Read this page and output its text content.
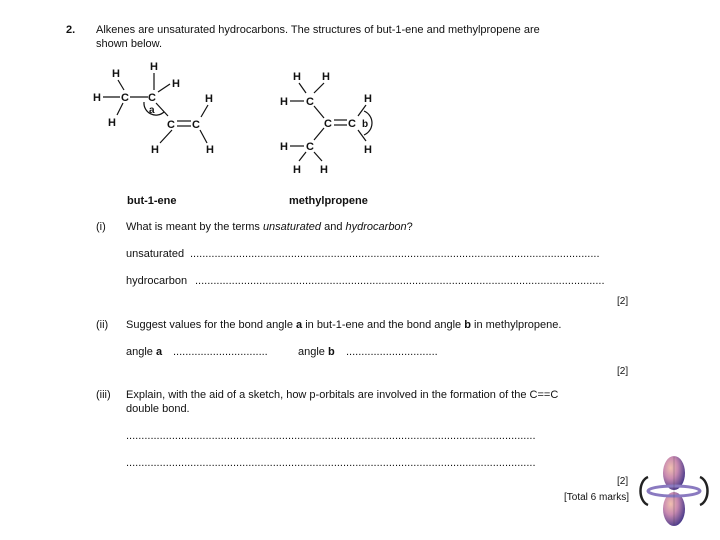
2. Alkenes are unsaturated hydrocarbons. The structures of but-1-ene and methylpropene are
shown below.
H C
H
H
C
H
H
a
C C
H
H
H
H H
H C
C C
H
H
b
C
H
H H
but-1-ene	methylpropene
(i) What is meant by the terms unsaturated and hydrocarbon?
unsaturated ......................................................................................................................................
hydrocarbon ......................................................................................................................................
[2]
(ii) Suggest values for the bond angle a in but-1-ene and the bond angle b in methylpropene.
angle a ...............................	angle b ..............................
[2]
(iii) Explain, with the aid of a sketch, how p-orbitals are involved in the formation of the C==C
double bond.
......................................................................................................................................
......................................................................................................................................
[2]
[Total 6 marks]
